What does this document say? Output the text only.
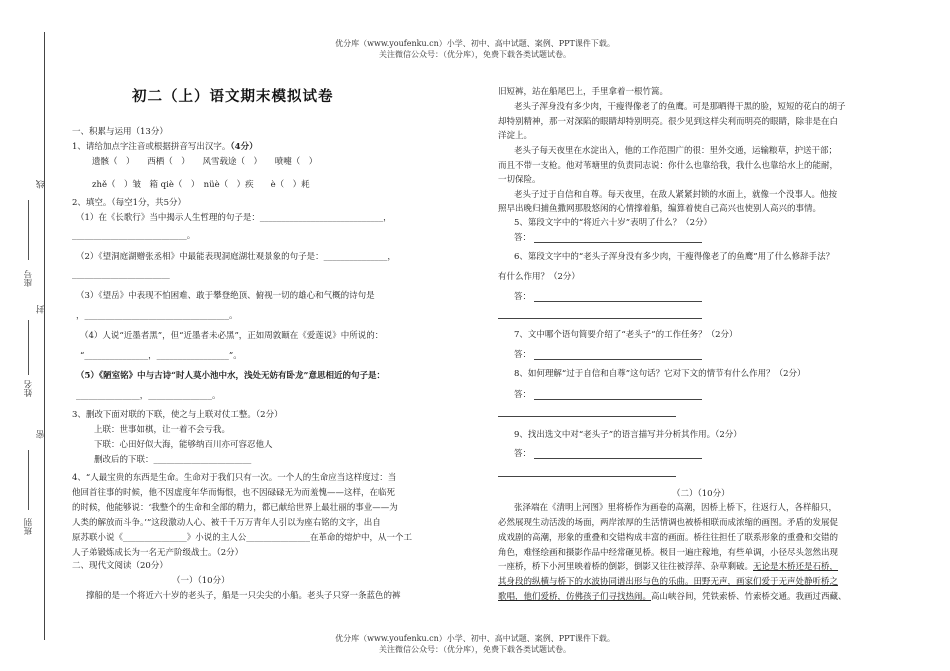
优分库（www.youfenku.cn）小学、初中、高中试题、案例、PPT课件下载。
关注微信公众号：（优分库），免费下载各类试题试卷。
线
座号
封
姓名
密
班别
初二（上）语文期末模拟试卷
一、积累与运用（13分）
1、请给加点字注音或根据拼音写出汉字。（4分）
遗骸（　）　　西栖（　）　　风雪载途（　）　　喷嚏（　）
zhě（　）皱　箱 qiè（　）　nüè（　）疾　　è（　）耗
2、填空。（每空1分，共5分）
（1）在《长歌行》当中揭示人生哲理的句子是：_____________________________，
___________________________。
（2）《望洞庭湖赠张丞相》中最能表现洞庭湖壮观景象的句子是：_______________，
_______________________
（3）《望岳》中表现不怕困难、敢于攀登绝顶、俯视一切的雄心和气概的诗句是
，__________________________________。
（4）人说“近墨者黑”，但“近墨者未必黑”，正如周敦颐在《爱莲说》中所说的：
“_______________，_________________”。
（5）《陋室铭》中与古诗“时人莫小池中水，浅处无妨有卧龙”意思相近的句子是：
_______________，_______________。
3、删改下面对联的下联，使之与上联对仗工整。（2分）
上联：世事如棋，让一着不会亏我。
下联：心田好似大海，能够纳百川亦可容忍他人
删改后的下联：_______________________
4、“人最宝贵的东西是生命。生命对于我们只有一次。一个人的生命应当这样度过：当
他回首往事的时候，他不因虚度年华而悔恨，也不因碌碌无为而羞愧——这样，在临死
的时候，他能够说：‘我整个的生命和全部的精力，都已献给世界上最壮丽的事业——为
人类的解放而斗争。’”这段激动人心、被千千万万青年人引以为座右铭的文字，出自
原苏联小说《_______________》小说的主人公_______________在革命的熔炉中，从一个工
人子弟锻炼成长为一名无产阶级战士。（2分）
二、现代文阅读（20分）
（一）（10分）
撑船的是一个将近六十岁的老头子，船是一只尖尖的小船。老头子只穿一条蓝色的裤
旧短裤，站在船尾巴上，手里拿着一根竹篙。
老头子浑身没有多少肉，干瘦得像老了的鱼鹰。可是那晒得干黑的脸，短短的花白的胡子
却特别精神，那一对深陷的眼睛却特别明亮。很少见到这样尖利而明亮的眼睛，除非是在白
洋淀上。
老头子每天夜里在水淀出入，他的工作范围广的很：里外交通，运输粮草，护送干部；
而且不带一支枪。他对苇塘里的负责同志说：你什么也靠给我，我什么也靠给水上的能耐，
一切保险。
老头子过于自信和自尊。每天夜里，在敌人紧紧封锁的水面上，就像一个没事人。他按
照早出晚归捕鱼撒网那股悠闲的心情撑着船，编算着使自己高兴也使别人高兴的事情。
5、第段文字中的“将近六十岁”表明了什么？（2分）
答：
6、第段文字中的“老头子浑身没有多少肉，干瘦得像老了的鱼鹰”用了什么修辞手法？
有什么作用？（2分）
答：
7、文中哪个语句简要介绍了“老头子”的工作任务？（2分）
答：
8、如何理解“过于自信和自尊”这句话？它对下文的情节有什么作用？（2分）
答：
9、找出选文中对“老头子”的语言描写并分析其作用。（2分）
答：
（二）（10分）
张泽端在《清明上河图》里将桥作为画卷的高潮，因桥上桥下，往返行人，各样船只，
必然展现生动活泼的场面，两岸浓厚的生活情调也被桥相联而成浓缩的画图。矛盾的发展促
成戏剧的高潮，形象的重叠和交错构成丰富的画面。桥往往担任了联系形象的重叠和交错的
角色，难怪绘画和摄影作品中经常砸见桥。极目一遍庄稼地，有些单调，小径尽头忽然出现
一座桥，桥下小河里映着桥的倒影，倒影又往往被浮萍、杂草剩破。无论是木桥还是石桥，
其身段的纵横与桥下的水波协同谱出形与色的乐曲。田野无声，画家们爱于无声处静听桥之
歌唱，他们爱桥，仿佛孩子们寻找热闹。高山峡谷间，凭铁索桥、竹索桥交通。我画过西藏、
优分库（www.youfenku.cn）小学、初中、高中试题、案例、PPT课件下载。
关注微信公众号：（优分库），免费下载各类试题试卷。
